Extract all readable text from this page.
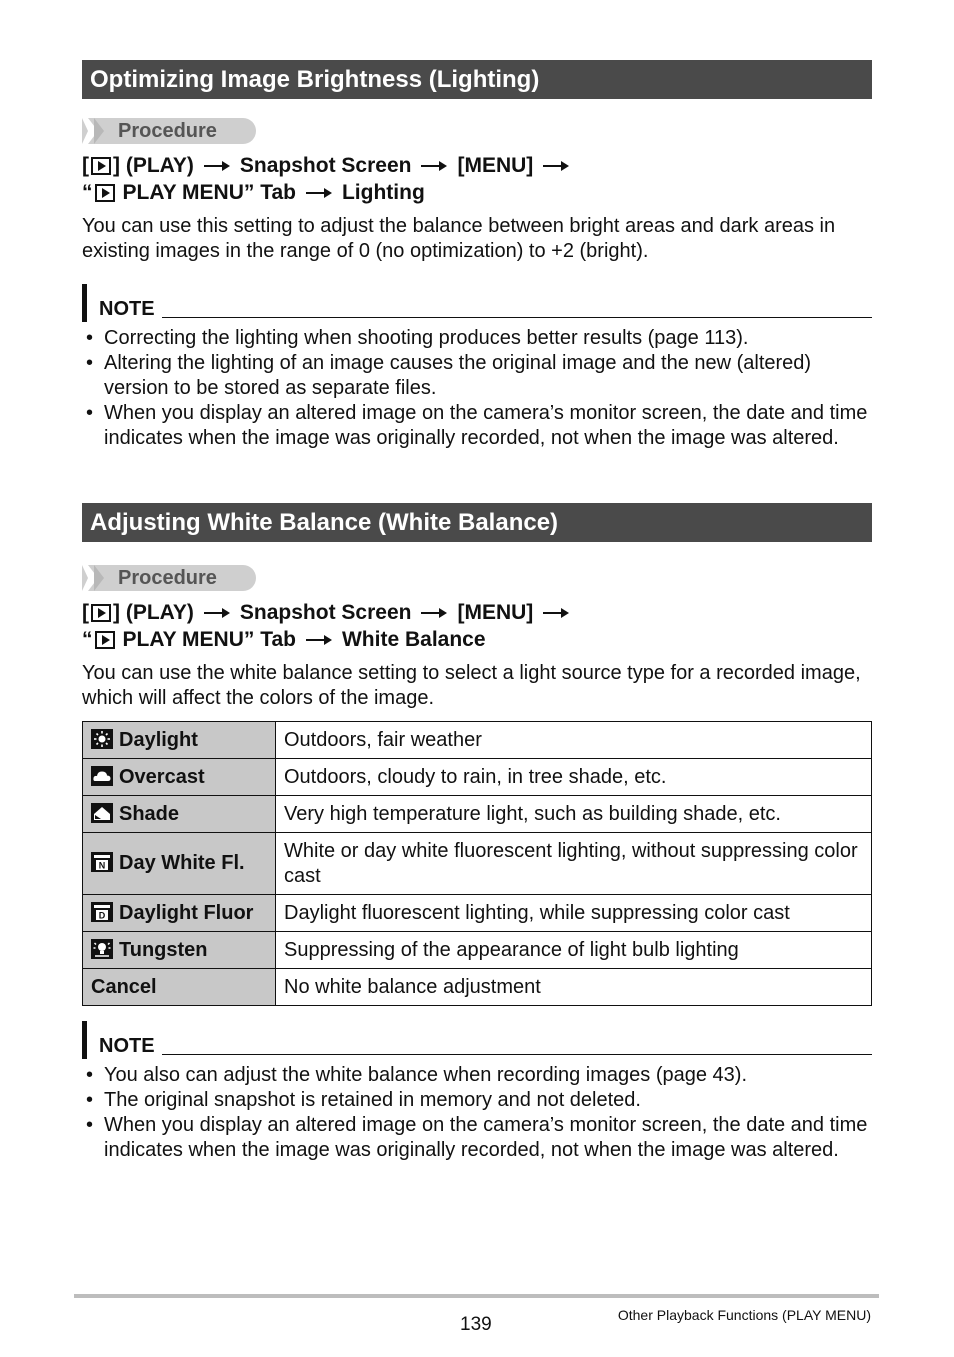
Optimizing Image Brightness (Lighting)
Procedure
[ ] (PLAY) Snapshot Screen [MENU]
“ PLAY MENU” Tab Lighting
You can use this setting to adjust the balance between bright areas and dark areas in existing images in the range of 0 (no optimization) to +2 (bright).
NOTE
• Correcting the lighting when shooting produces better results (page 113).
• Altering the lighting of an image causes the original image and the new (altered) version to be stored as separate files.
• When you display an altered image on the camera’s monitor screen, the date and time indicates when the image was originally recorded, not when the image was altered.
Adjusting White Balance (White Balance)
Procedure
[ ] (PLAY) Snapshot Screen [MENU]
“ PLAY MENU” Tab White Balance
You can use the white balance setting to select a light source type for a recorded image, which will affect the colors of the image.
Daylight	Outdoors, fair weather
Overcast	Outdoors, cloudy to rain, in tree shade, etc.
Shade	Very high temperature light, such as building shade, etc.

N Day White Fl.	White or day white fluorescent lighting, without suppressing color cast

D Daylight Fluor	Daylight fluorescent lighting, while suppressing color cast
Tungsten	Suppressing of the appearance of light bulb lighting
Cancel	No white balance adjustment
NOTE
• You also can adjust the white balance when recording images (page 43).
• The original snapshot is retained in memory and not deleted.
• When you display an altered image on the camera’s monitor screen, the date and time indicates when the image was originally recorded, not when the image was altered.
139	Other Playback Functions (PLAY MENU)
